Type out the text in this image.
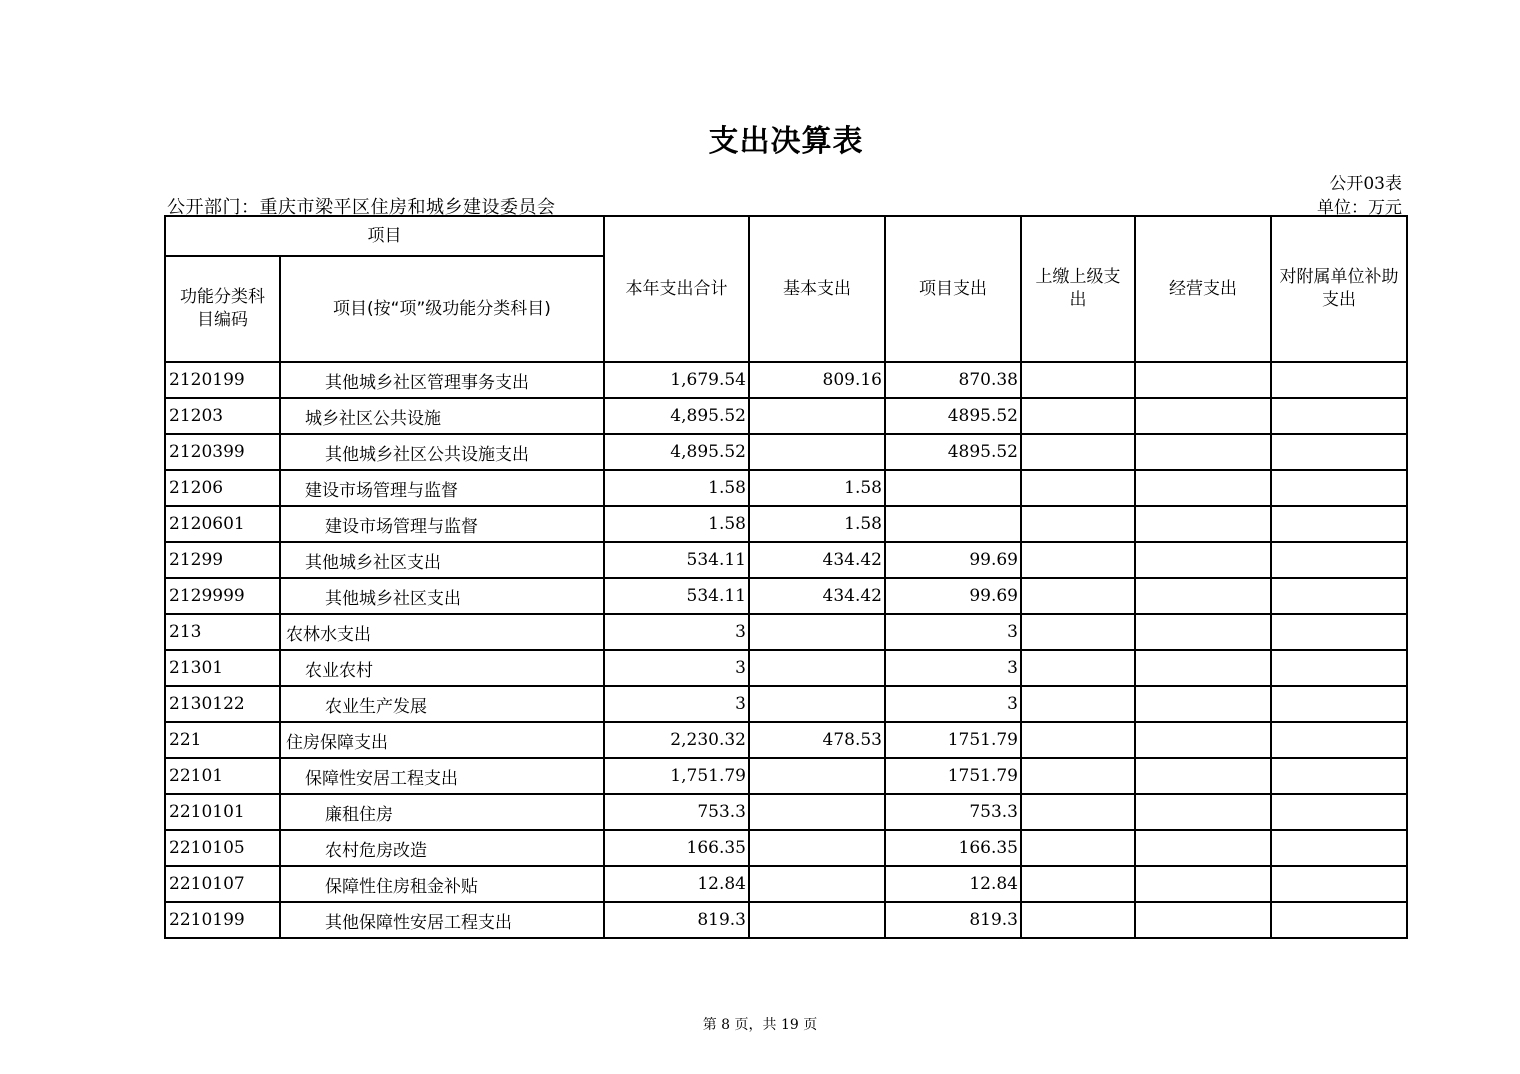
支出决算表
公开03表
公开部门：重庆市梁平区住房和城乡建设委员会	单位：万元
项目		本年支出合计	基本支出	项目支出	上缴上级支出	经营支出	对附属单位补助支出
功能分类科目编码	项目(按“项”级功能分类科目)						
2120199	其他城乡社区管理事务支出	1,679.54	809.16	870.38			
21203	城乡社区公共设施	4,895.52		4895.52			
2120399	其他城乡社区公共设施支出	4,895.52		4895.52			
21206	建设市场管理与监督	1.58	1.58				
2120601	建设市场管理与监督	1.58	1.58				
21299	其他城乡社区支出	534.11	434.42	99.69			
2129999	其他城乡社区支出	534.11	434.42	99.69			
213	农林水支出	3		3			
21301	农业农村	3		3			
2130122	农业生产发展	3		3			
221	住房保障支出	2,230.32	478.53	1751.79			
22101	保障性安居工程支出	1,751.79		1751.79			
2210101	廉租住房	753.3		753.3			
2210105	农村危房改造	166.35		166.35			
2210107	保障性住房租金补贴	12.84		12.84			
2210199	其他保障性安居工程支出	819.3		819.3			
第 8 页，共 19 页
